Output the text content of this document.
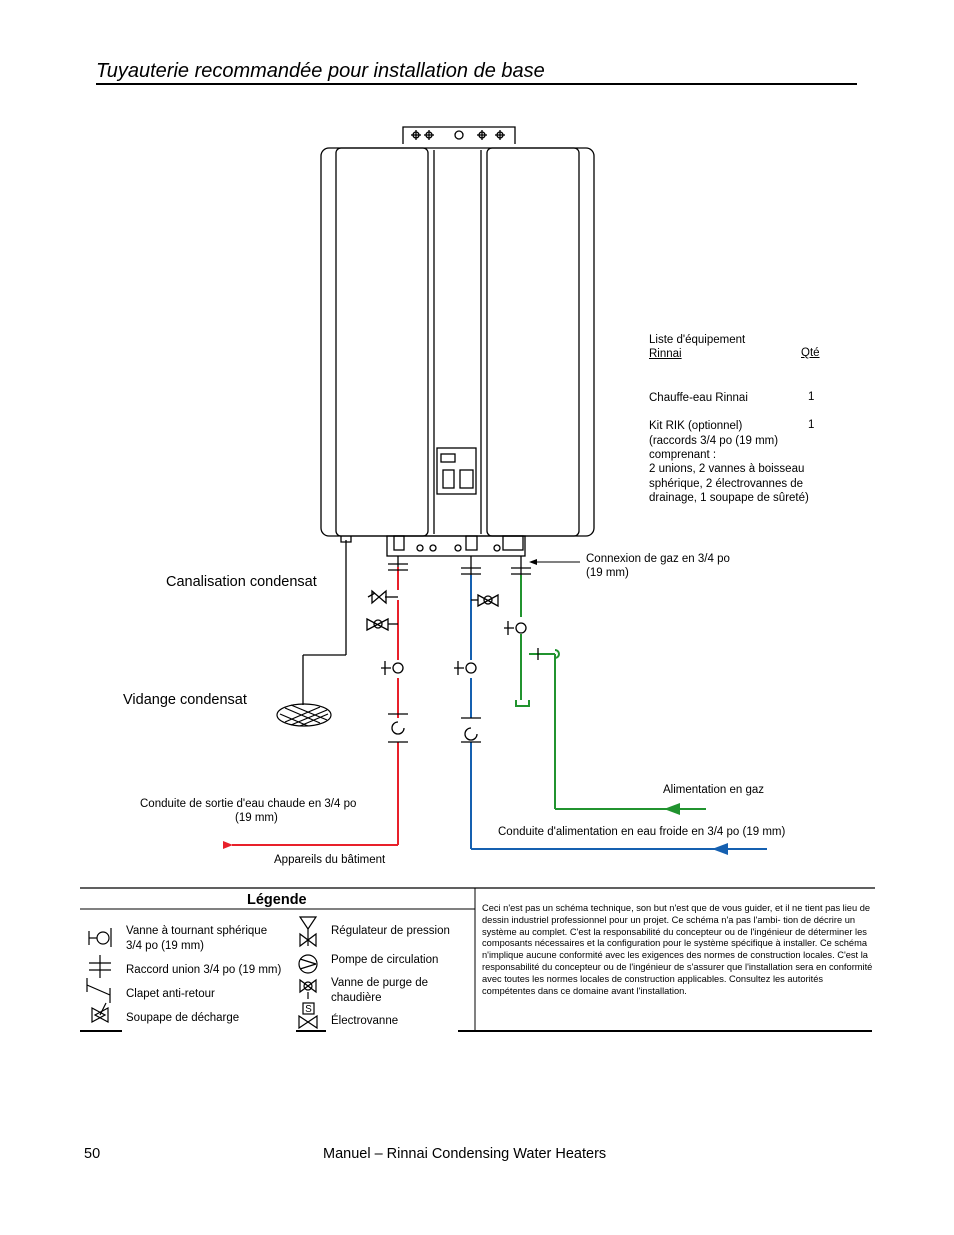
Tuyauterie recommandée pour installation de base
S
Liste d'équipement
Rinnai	Qté
Chauffe-eau Rinnai	1
Kit RIK (optionnel)	1
(raccords 3/4 po (19 mm)
comprenant :
2 unions, 2 vannes à boisseau
sphérique, 2 électrovannes de
drainage, 1 soupape de sûreté)
Connexion de gaz en 3/4 po
(19 mm)
Canalisation condensat
Vidange condensat
Conduite de sortie d'eau chaude en 3/4 po
(19 mm)
Alimentation en gaz
Conduite d'alimentation en eau froide en 3/4 po (19 mm)
Appareils du bâtiment
Légende
Vanne à tournant sphérique
3/4 po (19 mm)
Raccord union 3/4 po (19 mm)
Clapet anti-retour
Soupape de décharge
Régulateur de pression
Pompe de circulation
Vanne de purge de
chaudière
Électrovanne
Ceci n'est pas un schéma technique, son but n'est que de vous guider, et il ne tient pas lieu de dessin industriel professionnel pour un projet. Ce schéma n'a pas l'ambi- tion de décrire un système au complet. C'est la responsabilité du concepteur ou de l'ingénieur de déterminer les composants nécessaires et la configuration pour le système spécifique à installer. Ce schéma n'implique aucune conformité avec les exigences des normes de construction locales. C'est la responsabilité du concepteur ou de l'ingénieur de s'assurer que l'installation sera en conformité avec toutes les normes locales de construction applicables. Consultez les autorités compétentes dans ce domaine avant l'installation.
50	Manuel – Rinnai Condensing Water Heaters
